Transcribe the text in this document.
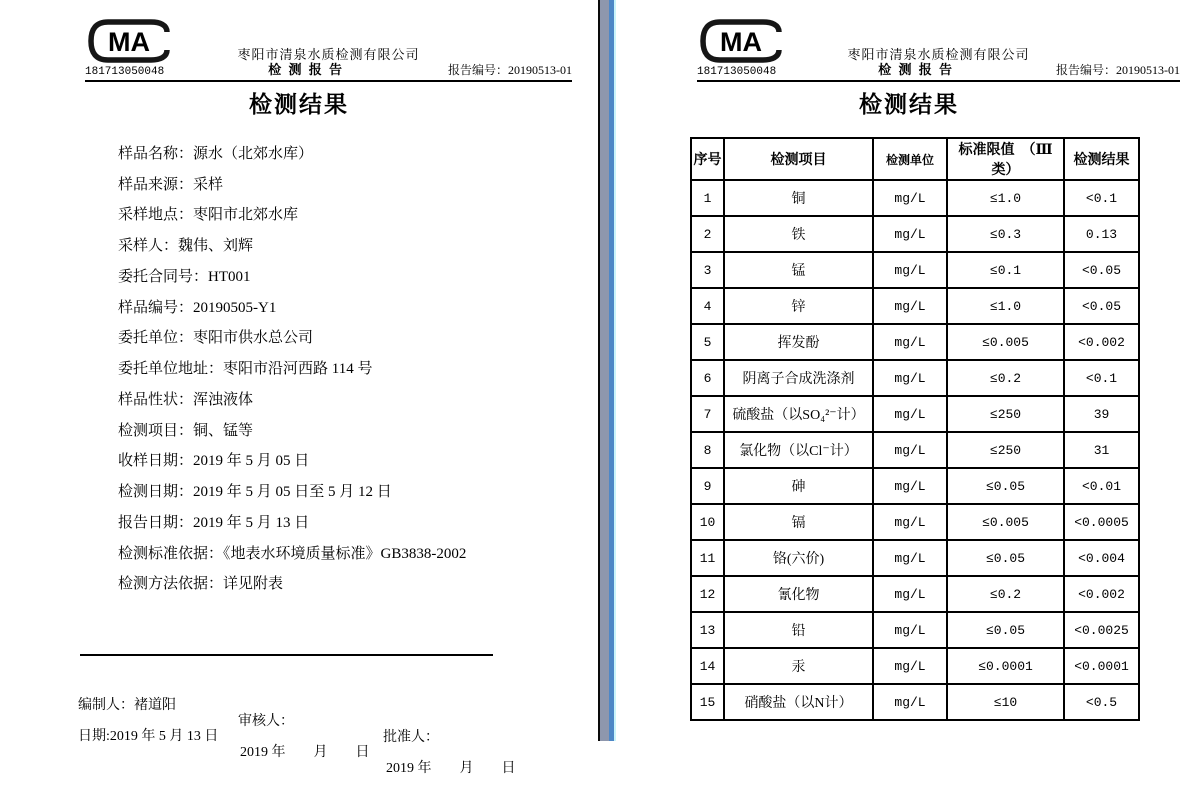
MA	枣阳市清泉水质检测有限公司
181713050048	检 测 报 告	报告编号：20190513-01
检测结果
样品名称：源水（北郊水库）
样品来源：采样
采样地点：枣阳市北郊水库
采样人：魏伟、刘辉
委托合同号：HT001
样品编号：20190505-Y1
委托单位：枣阳市供水总公司
委托单位地址：枣阳市沿河西路 114 号
样品性状：浑浊液体
检测项目：铜、锰等
收样日期：2019 年 5 月 05 日
检测日期：2019 年 5 月 05 日至 5 月 12 日
报告日期：2019 年 5 月 13 日
检测标准依据：《地表水环境质量标准》GB3838-2002
检测方法依据：详见附表

编制人：褚道阳

审核人：

批准人：

日期:2019 年 5 月 13 日

2019 年　　月　　日

2019 年　　月　　日

MA	枣阳市清泉水质检测有限公司
181713050048	检 测 报 告	报告编号：20190513-01
检测结果
序号	检测项目	检测单位	标准限值　（Ⅲ类）	检测结果
1	铜	mg/L	≤1.0	<0.1
2	铁	mg/L	≤0.3	0.13
3	锰	mg/L	≤0.1	<0.05
4	锌	mg/L	≤1.0	<0.05
5	挥发酚	mg/L	≤0.005	<0.002
6	阴离子合成洗涤剂	mg/L	≤0.2	<0.1
7	硫酸盐（以SO₄²⁻计）	mg/L	≤250	39
8	氯化物（以Cl⁻计）	mg/L	≤250	31
9	砷	mg/L	≤0.05	<0.01
10	镉	mg/L	≤0.005	<0.0005
11	铬(六价)	mg/L	≤0.05	<0.004
12	氰化物	mg/L	≤0.2	<0.002
13	铅	mg/L	≤0.05	<0.0025
14	汞	mg/L	≤0.0001	<0.0001
15	硝酸盐（以N计）	mg/L	≤10	<0.5
